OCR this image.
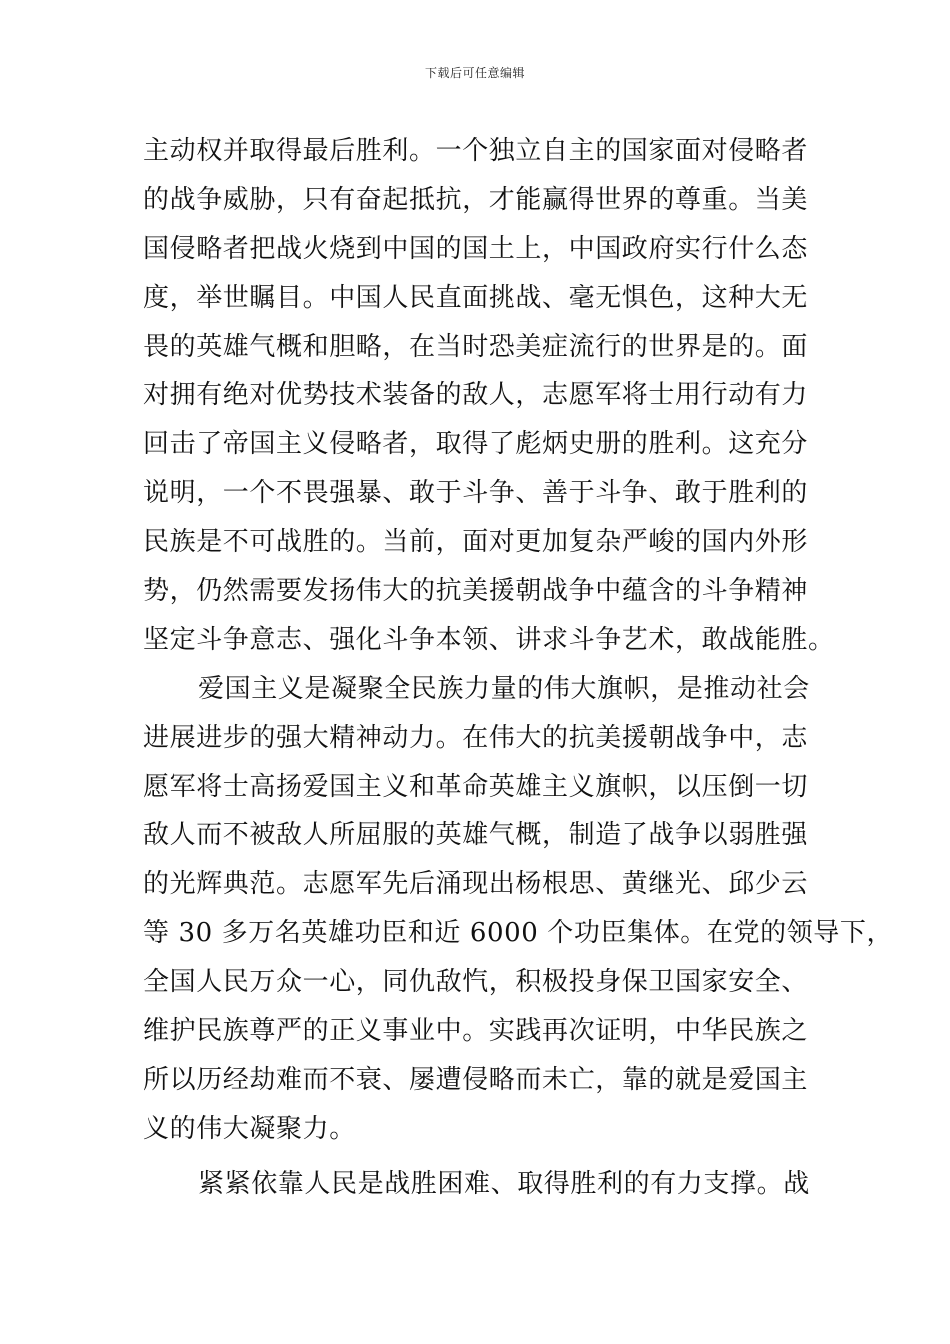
下载后可任意编辑
主动权并取得最后胜利。一个独立自主的国家面对侵略者
的战争威胁，只有奋起抵抗，才能赢得世界的尊重。当美
国侵略者把战火烧到中国的国土上，中国政府实行什么态
度，举世瞩目。中国人民直面挑战、毫无惧色，这种大无
畏的英雄气概和胆略，在当时恐美症流行的世界是的。面
对拥有绝对优势技术装备的敌人，志愿军将士用行动有力
回击了帝国主义侵略者，取得了彪炳史册的胜利。这充分
说明，一个不畏强暴、敢于斗争、善于斗争、敢于胜利的
民族是不可战胜的。当前，面对更加复杂严峻的国内外形
势，仍然需要发扬伟大的抗美援朝战争中蕴含的斗争精神
坚定斗争意志、强化斗争本领、讲求斗争艺术，敢战能胜。
爱国主义是凝聚全民族力量的伟大旗帜，是推动社会
进展进步的强大精神动力。在伟大的抗美援朝战争中，志
愿军将士高扬爱国主义和革命英雄主义旗帜，以压倒一切
敌人而不被敌人所屈服的英雄气概，制造了战争以弱胜强
的光辉典范。志愿军先后涌现出杨根思、黄继光、邱少云
等 30 多万名英雄功臣和近 6000 个功臣集体。在党的领导下，
全国人民万众一心，同仇敌忾，积极投身保卫国家安全、
维护民族尊严的正义事业中。实践再次证明，中华民族之
所以历经劫难而不衰、屡遭侵略而未亡，靠的就是爱国主
义的伟大凝聚力。
紧紧依靠人民是战胜困难、取得胜利的有力支撑。战
